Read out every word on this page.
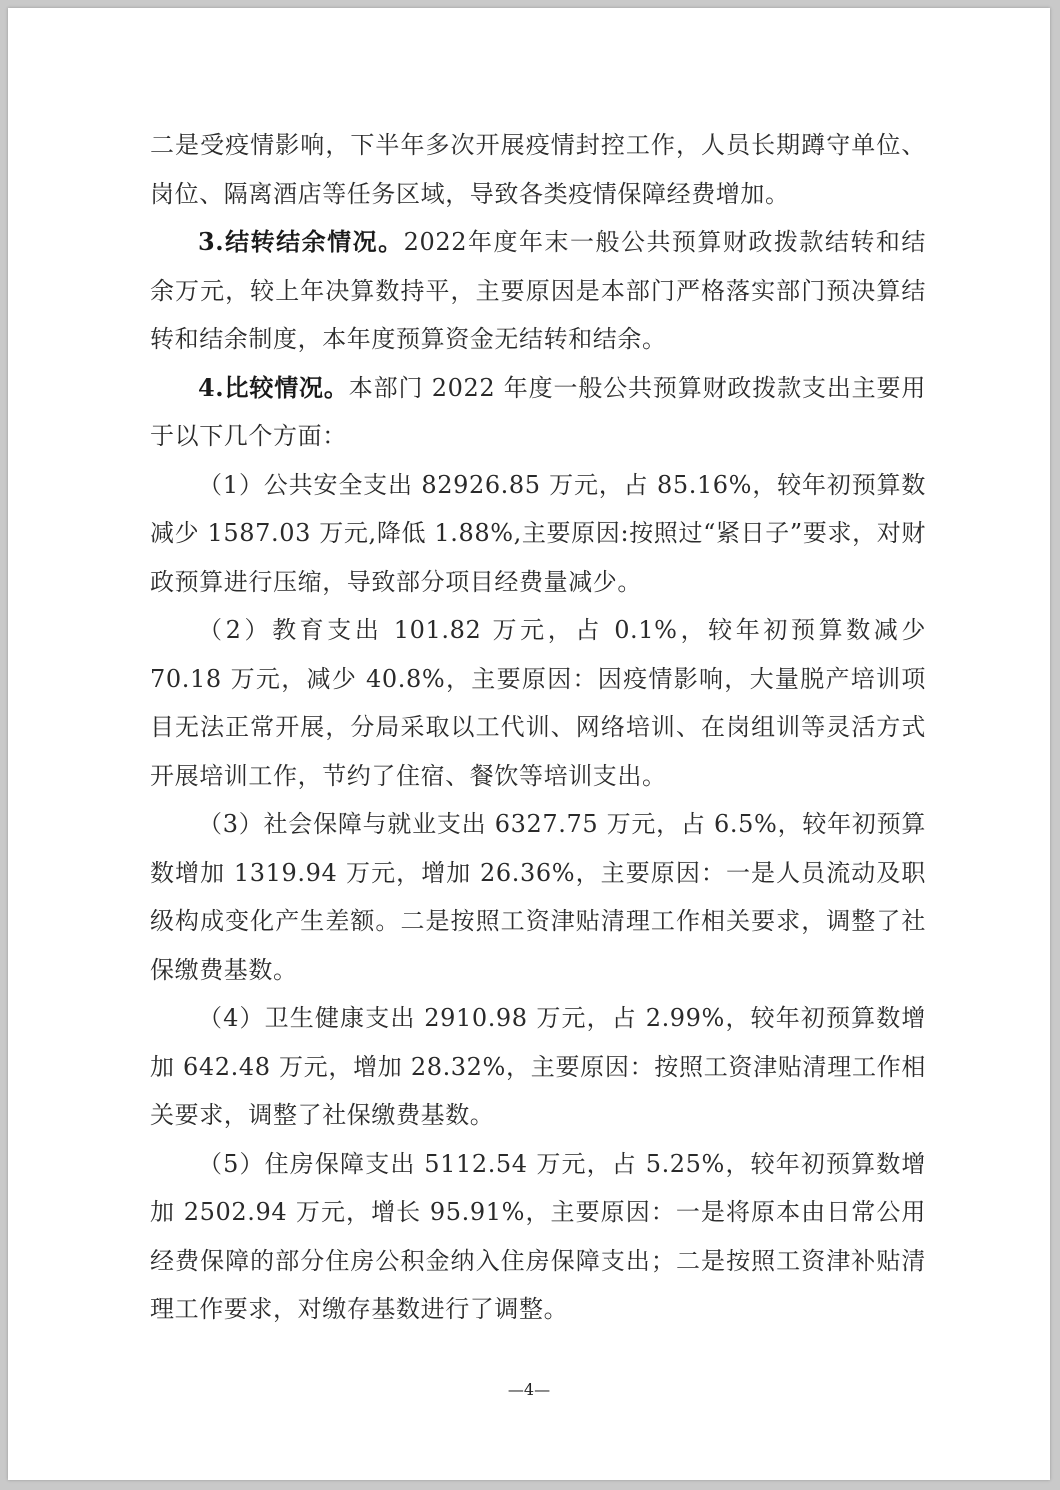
二是受疫情影响，下半年多次开展疫情封控工作，人员长期蹲守单位、岗位、隔离酒店等任务区域，导致各类疫情保障经费增加。

3.结转结余情况。2022年度年末一般公共预算财政拨款结转和结余万元，较上年决算数持平，主要原因是本部门严格落实部门预决算结转和结余制度，本年度预算资金无结转和结余。

4.比较情况。本部门 2022 年度一般公共预算财政拨款支出主要用于以下几个方面：

（1）公共安全支出 82926.85 万元，占 85.16%，较年初预算数减少 1587.03 万元,降低 1.88%,主要原因:按照过“紧日子”要求，对财政预算进行压缩，导致部分项目经费量减少。

（2）教育支出 101.82 万元，占 0.1%，较年初预算数减少 70.18 万元，减少 40.8%，主要原因：因疫情影响，大量脱产培训项目无法正常开展，分局采取以工代训、网络培训、在岗组训等灵活方式开展培训工作，节约了住宿、餐饮等培训支出。

（3）社会保障与就业支出 6327.75 万元，占 6.5%，较年初预算数增加 1319.94 万元，增加 26.36%，主要原因：一是人员流动及职级构成变化产生差额。二是按照工资津贴清理工作相关要求，调整了社保缴费基数。

（4）卫生健康支出 2910.98 万元，占 2.99%，较年初预算数增加 642.48 万元，增加 28.32%，主要原因：按照工资津贴清理工作相关要求，调整了社保缴费基数。

（5）住房保障支出 5112.54 万元，占 5.25%，较年初预算数增加 2502.94 万元，增长 95.91%，主要原因：一是将原本由日常公用经费保障的部分住房公积金纳入住房保障支出；二是按照工资津补贴清理工作要求，对缴存基数进行了调整。

—4—
